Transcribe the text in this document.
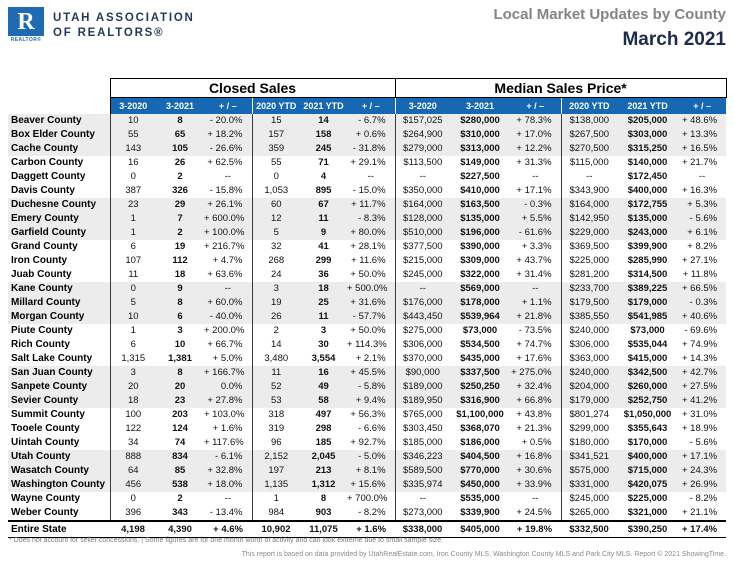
R
REALTOR®
UTAH ASSOCIATION
OF REALTORS®
Local Market Updates by County
March 2021
	Closed Sales						Median Sales Price*					
	3-2020	3-2021	+ / –	2020 YTD	2021 YTD	+ / –	3-2020	3-2021	+ / –	2020 YTD	2021 YTD	+ / –
Beaver County	10	8	- 20.0%	15	14	- 6.7%	$157,025	$280,000	+ 78.3%	$138,000	$205,000	+ 48.6%
Box Elder County	55	65	+ 18.2%	157	158	+ 0.6%	$264,900	$310,000	+ 17.0%	$267,500	$303,000	+ 13.3%
Cache County	143	105	- 26.6%	359	245	- 31.8%	$279,000	$313,000	+ 12.2%	$270,500	$315,250	+ 16.5%
Carbon County	16	26	+ 62.5%	55	71	+ 29.1%	$113,500	$149,000	+ 31.3%	$115,000	$140,000	+ 21.7%
Daggett County	0	2	--	0	4	--	--	$227,500	--	--	$172,450	--
Davis County	387	326	- 15.8%	1,053	895	- 15.0%	$350,000	$410,000	+ 17.1%	$343,900	$400,000	+ 16.3%
Duchesne County	23	29	+ 26.1%	60	67	+ 11.7%	$164,000	$163,500	- 0.3%	$164,000	$172,755	+ 5.3%
Emery County	1	7	+ 600.0%	12	11	- 8.3%	$128,000	$135,000	+ 5.5%	$142,950	$135,000	- 5.6%
Garfield County	1	2	+ 100.0%	5	9	+ 80.0%	$510,000	$196,000	- 61.6%	$229,000	$243,000	+ 6.1%
Grand County	6	19	+ 216.7%	32	41	+ 28.1%	$377,500	$390,000	+ 3.3%	$369,500	$399,900	+ 8.2%
Iron County	107	112	+ 4.7%	268	299	+ 11.6%	$215,000	$309,000	+ 43.7%	$225,000	$285,990	+ 27.1%
Juab County	11	18	+ 63.6%	24	36	+ 50.0%	$245,000	$322,000	+ 31.4%	$281,200	$314,500	+ 11.8%
Kane County	0	9	--	3	18	+ 500.0%	--	$569,000	--	$233,700	$389,225	+ 66.5%
Millard County	5	8	+ 60.0%	19	25	+ 31.6%	$176,000	$178,000	+ 1.1%	$179,500	$179,000	- 0.3%
Morgan County	10	6	- 40.0%	26	11	- 57.7%	$443,450	$539,964	+ 21.8%	$385,550	$541,985	+ 40.6%
Piute County	1	3	+ 200.0%	2	3	+ 50.0%	$275,000	$73,000	- 73.5%	$240,000	$73,000	- 69.6%
Rich County	6	10	+ 66.7%	14	30	+ 114.3%	$306,000	$534,500	+ 74.7%	$306,000	$535,044	+ 74.9%
Salt Lake County	1,315	1,381	+ 5.0%	3,480	3,554	+ 2.1%	$370,000	$435,000	+ 17.6%	$363,000	$415,000	+ 14.3%
San Juan County	3	8	+ 166.7%	11	16	+ 45.5%	$90,000	$337,500	+ 275.0%	$240,000	$342,500	+ 42.7%
Sanpete County	20	20	0.0%	52	49	- 5.8%	$189,000	$250,250	+ 32.4%	$204,000	$260,000	+ 27.5%
Sevier County	18	23	+ 27.8%	53	58	+ 9.4%	$189,950	$316,900	+ 66.8%	$179,000	$252,750	+ 41.2%
Summit County	100	203	+ 103.0%	318	497	+ 56.3%	$765,000	$1,100,000	+ 43.8%	$801,274	$1,050,000	+ 31.0%
Tooele County	122	124	+ 1.6%	319	298	- 6.6%	$303,450	$368,070	+ 21.3%	$299,000	$355,643	+ 18.9%
Uintah County	34	74	+ 117.6%	96	185	+ 92.7%	$185,000	$186,000	+ 0.5%	$180,000	$170,000	- 5.6%
Utah County	888	834	- 6.1%	2,152	2,045	- 5.0%	$346,223	$404,500	+ 16.8%	$341,521	$400,000	+ 17.1%
Wasatch County	64	85	+ 32.8%	197	213	+ 8.1%	$589,500	$770,000	+ 30.6%	$575,000	$715,000	+ 24.3%
Washington County	456	538	+ 18.0%	1,135	1,312	+ 15.6%	$335,974	$450,000	+ 33.9%	$331,000	$420,075	+ 26.9%
Wayne County	0	2	--	1	8	+ 700.0%	--	$535,000	--	$245,000	$225,000	- 8.2%
Weber County	396	343	- 13.4%	984	903	- 8.2%	$273,000	$339,900	+ 24.5%	$265,000	$321,000	+ 21.1%
Entire State	4,198	4,390	+ 4.6%	10,902	11,075	+ 1.6%	$338,000	$405,000	+ 19.8%	$332,500	$390,250	+ 17.4%
* Does not account for seller concessions. | Some figures are for one month worth of activity and can look extreme due to small sample size.
This report is based on data provided by UtahRealEstate.com, Iron County MLS, Washington County MLS and Park City MLS. Report © 2021 ShowingTime.
